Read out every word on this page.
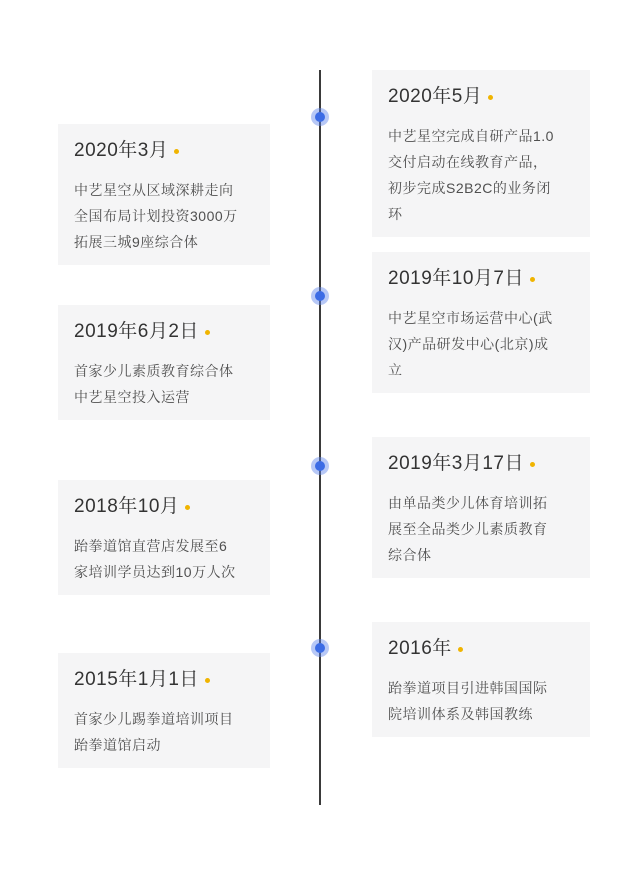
2020年5月
中艺星空完成自研产品1.0交付启动在线教育产品，初步完成S2B2C的业务闭环
2020年3月
中艺星空从区域深耕走向全国布局计划投资3000万拓展三城9座综合体
2019年10月7日
中艺星空市场运营中心(武汉)产品研发中心(北京)成立
2019年6月2日
首家少儿素质教育综合体中艺星空投入运营
2019年3月17日
由单品类少儿体育培训拓展至全品类少儿素质教育综合体
2018年10月
跆拳道馆直营店发展至6家培训学员达到10万人次
2016年
跆拳道项目引进韩国国际院培训体系及韩国教练
2015年1月1日
首家少儿踢拳道培训项目跆拳道馆启动
